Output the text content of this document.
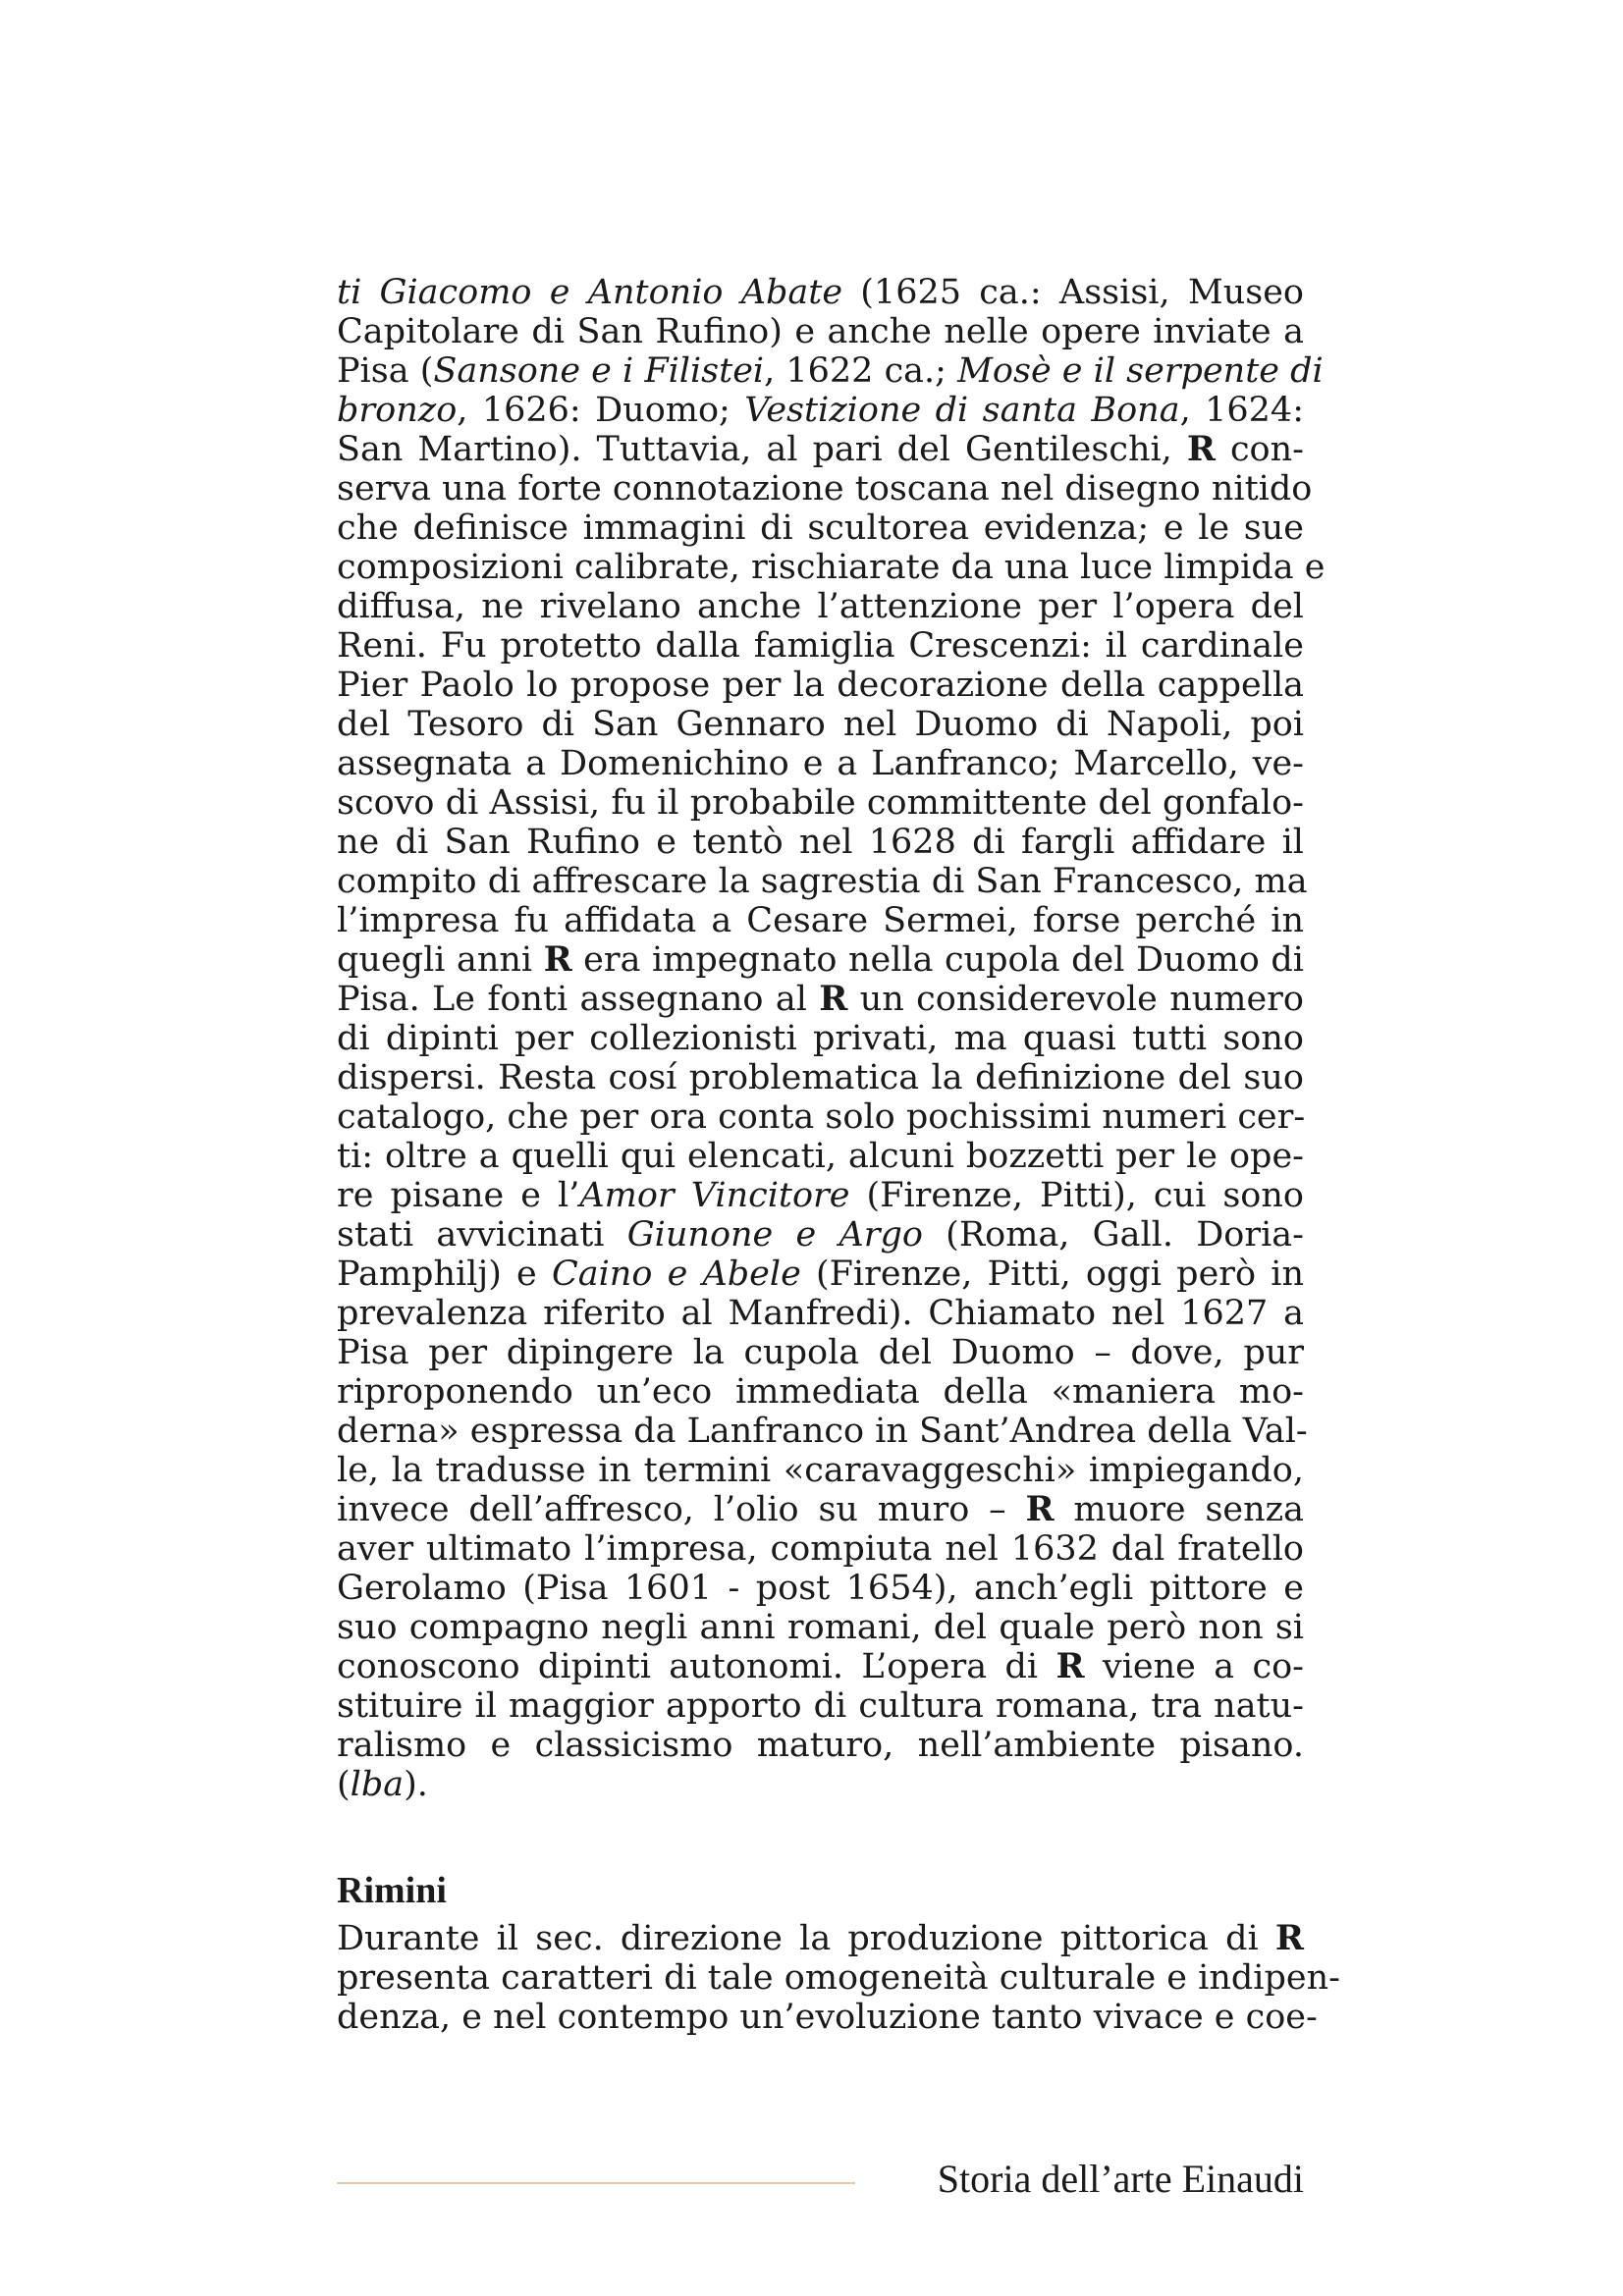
ti Giacomo e Antonio Abate (1625 ca.: Assisi, Museo
Capitolare di San Rufino) e anche nelle opere inviate a
Pisa (Sansone e i Filistei, 1622 ca.; Mosè e il serpente di
bronzo, 1626: Duomo; Vestizione di santa Bona, 1624:
San Martino). Tuttavia, al pari del Gentileschi, R con-
serva una forte connotazione toscana nel disegno nitido
che definisce immagini di scultorea evidenza; e le sue
composizioni calibrate, rischiarate da una luce limpida e
diffusa, ne rivelano anche l’attenzione per l’opera del
Reni. Fu protetto dalla famiglia Crescenzi: il cardinale
Pier Paolo lo propose per la decorazione della cappella
del Tesoro di San Gennaro nel Duomo di Napoli, poi
assegnata a Domenichino e a Lanfranco; Marcello, ve-
scovo di Assisi, fu il probabile committente del gonfalo-
ne di San Rufino e tentò nel 1628 di fargli affidare il
compito di affrescare la sagrestia di San Francesco, ma
l’impresa fu affidata a Cesare Sermei, forse perché in
quegli anni R era impegnato nella cupola del Duomo di
Pisa. Le fonti assegnano al R un considerevole numero
di dipinti per collezionisti privati, ma quasi tutti sono
dispersi. Resta cosí problematica la definizione del suo
catalogo, che per ora conta solo pochissimi numeri cer-
ti: oltre a quelli qui elencati, alcuni bozzetti per le ope-
re pisane e l’Amor Vincitore (Firenze, Pitti), cui sono
stati avvicinati Giunone e Argo (Roma, Gall. Doria-
Pamphilj) e Caino e Abele (Firenze, Pitti, oggi però in
prevalenza riferito al Manfredi). Chiamato nel 1627 a
Pisa per dipingere la cupola del Duomo – dove, pur
riproponendo un’eco immediata della «maniera mo-
derna» espressa da Lanfranco in Sant’Andrea della Val-
le, la tradusse in termini «caravaggeschi» impiegando,
invece dell’affresco, l’olio su muro – R muore senza
aver ultimato l’impresa, compiuta nel 1632 dal fratello
Gerolamo (Pisa 1601 - post 1654), anch’egli pittore e
suo compagno negli anni romani, del quale però non si
conoscono dipinti autonomi. L’opera di R viene a co-
stituire il maggior apporto di cultura romana, tra natu-
ralismo e classicismo maturo, nell’ambiente pisano.
(lba).
Rimini
Durante il sec. direzione la produzione pittorica di R
presenta caratteri di tale omogeneità culturale e indipen-
denza, e nel contempo un’evoluzione tanto vivace e coe-
Storia dell’arte Einaudi
